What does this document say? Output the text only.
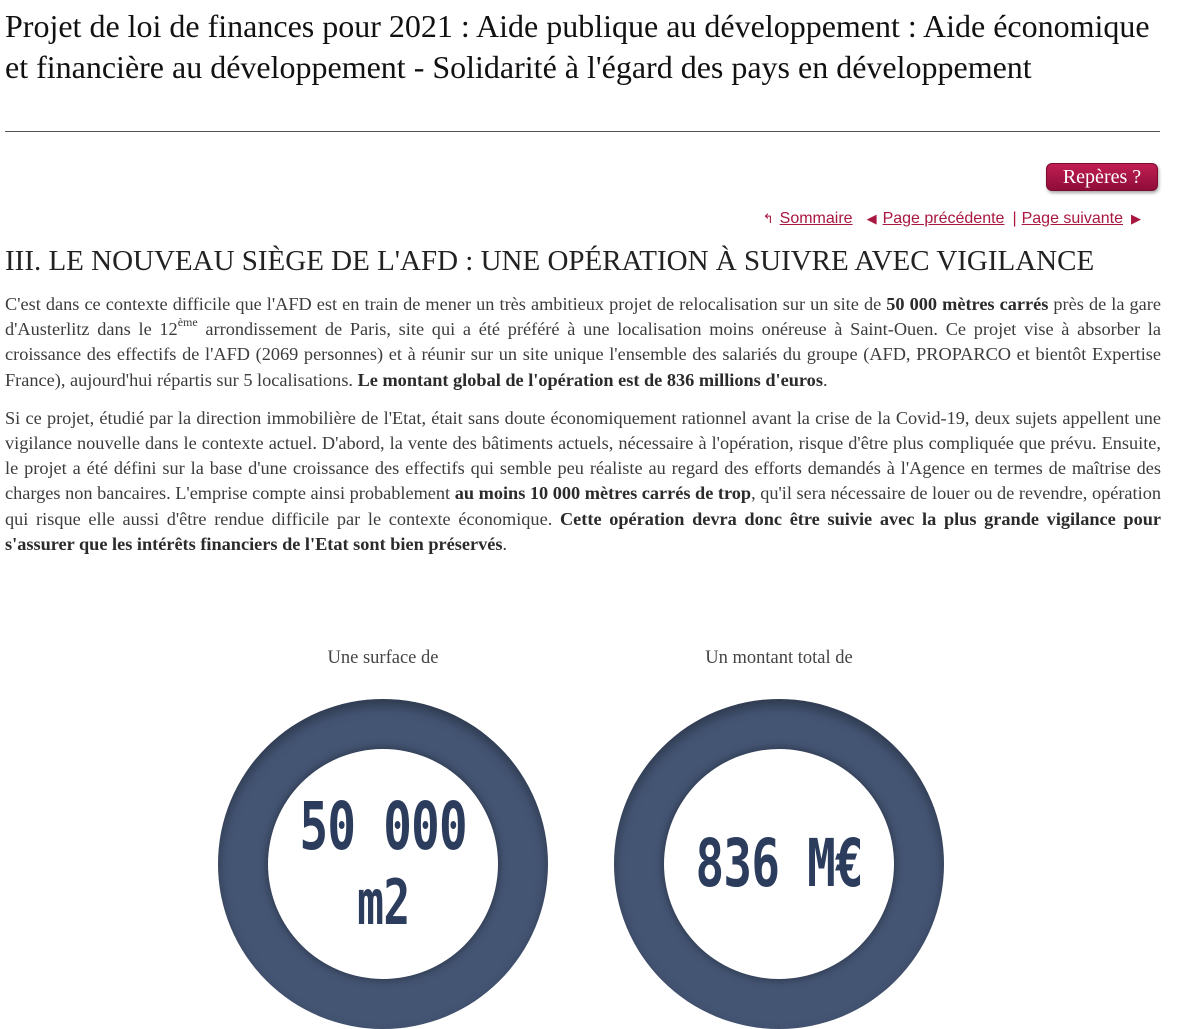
Projet de loi de finances pour 2021 : Aide publique au développement : Aide économique et financière au développement - Solidarité à l'égard des pays en développement
Repères ?
↰ Sommaire ◀ Page précédente | Page suivante ▶
III. LE NOUVEAU SIÈGE DE L'AFD : UNE OPÉRATION À SUIVRE AVEC VIGILANCE

C'est dans ce contexte difficile que l'AFD est en train de mener un très ambitieux projet de relocalisation sur un site de 50 000 mètres carrés près de la gare d'Austerlitz dans le 12ème arrondissement de Paris, site qui a été préféré à une localisation moins onéreuse à Saint-Ouen. Ce projet vise à absorber la croissance des effectifs de l'AFD (2069 personnes) et à réunir sur un site unique l'ensemble des salariés du groupe (AFD, PROPARCO et bientôt Expertise France), aujourd'hui répartis sur 5 localisations. Le montant global de l'opération est de 836 millions d'euros.

Si ce projet, étudié par la direction immobilière de l'Etat, était sans doute économiquement rationnel avant la crise de la Covid-19, deux sujets appellent une vigilance nouvelle dans le contexte actuel. D'abord, la vente des bâtiments actuels, nécessaire à l'opération, risque d'être plus compliquée que prévu. Ensuite, le projet a été défini sur la base d'une croissance des effectifs qui semble peu réaliste au regard des efforts demandés à l'Agence en termes de maîtrise des charges non bancaires. L'emprise compte ainsi probablement au moins 10 000 mètres carrés de trop, qu'il sera nécessaire de louer ou de revendre, opération qui risque elle aussi d'être rendue difficile par le contexte économique. Cette opération devra donc être suivie avec la plus grande vigilance pour s'assurer que les intérêts financiers de l'Etat sont bien préservés.

Une surface de

50 000
m2

Un montant total de

836 M€
